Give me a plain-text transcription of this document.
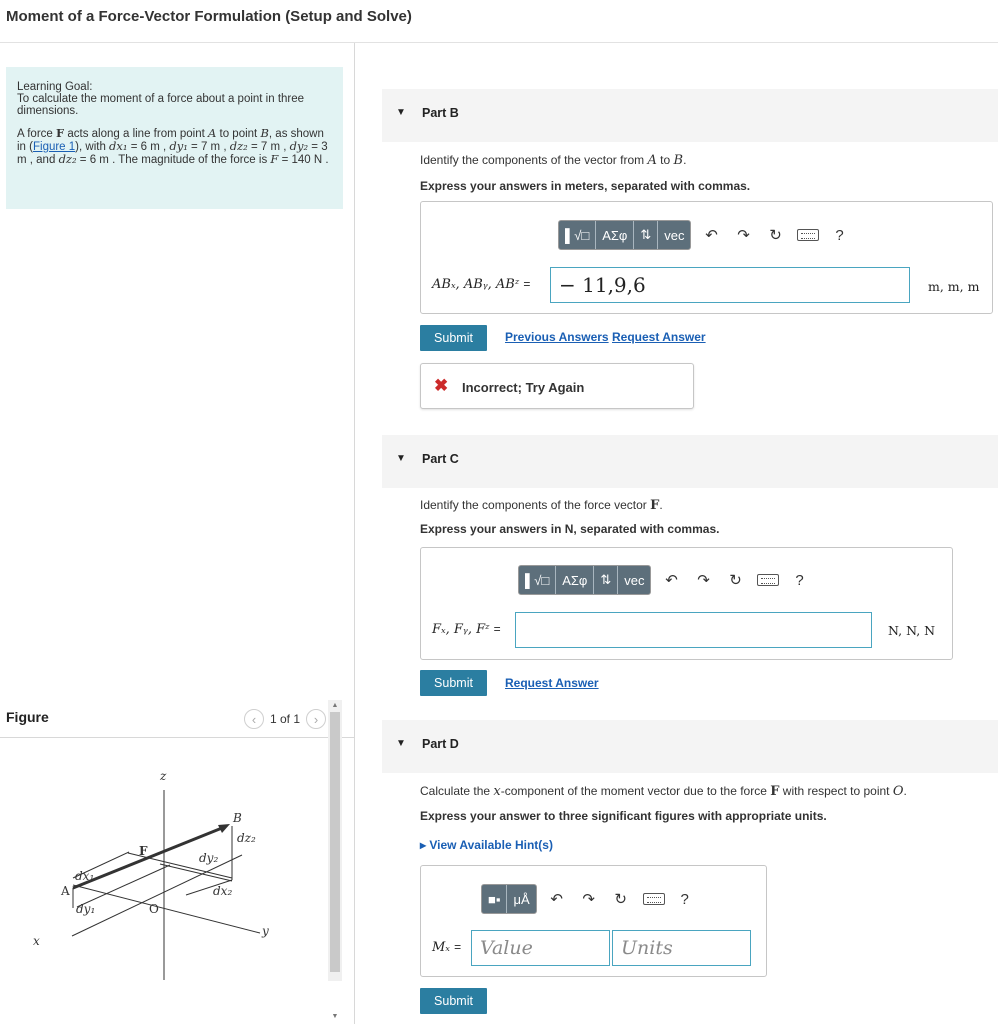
Moment of a Force-Vector Formulation (Setup and Solve)

Learning Goal:
To calculate the moment of a force about a point in three dimensions.

A force F acts along a line from point A to point B, as shown in (Figure 1), with dx₁ = 6 m , dy₁ = 7 m , dz₂ = 7 m , dy₂ = 3 m , and dz₂ = 6 m . The magnitude of the force is F = 140 N .

Figure	‹	1 of 1	›
z
x
y
O
A
B
F
dx₁
dy₁
dy₂
dz₂
dx₂
▲
▼
▼ Part B
Identify the components of the vector from A to B.
Express your answers in meters, separated with commas.
▌√□	ΑΣφ	⇅	vec	↶	↷	↻	?
ABₓ, ABᵧ, ABᶻ =	− 11,9,6	m, m, m
Submit	Previous Answers Request Answer
✖ Incorrect; Try Again
▼ Part C
Identify the components of the force vector F.
Express your answers in N, separated with commas.
▌√□	ΑΣφ	⇅	vec	↶	↷	↻	?
Fₓ, Fᵧ, Fᶻ =	N, N, N
Submit	Request Answer
▼ Part D
Calculate the x-component of the moment vector due to the force F with respect to point O.
Express your answer to three significant figures with appropriate units.
▸ View Available Hint(s)
■▪	μÅ	↶	↷	↻	?
Mₓ = Value	Units
Submit
